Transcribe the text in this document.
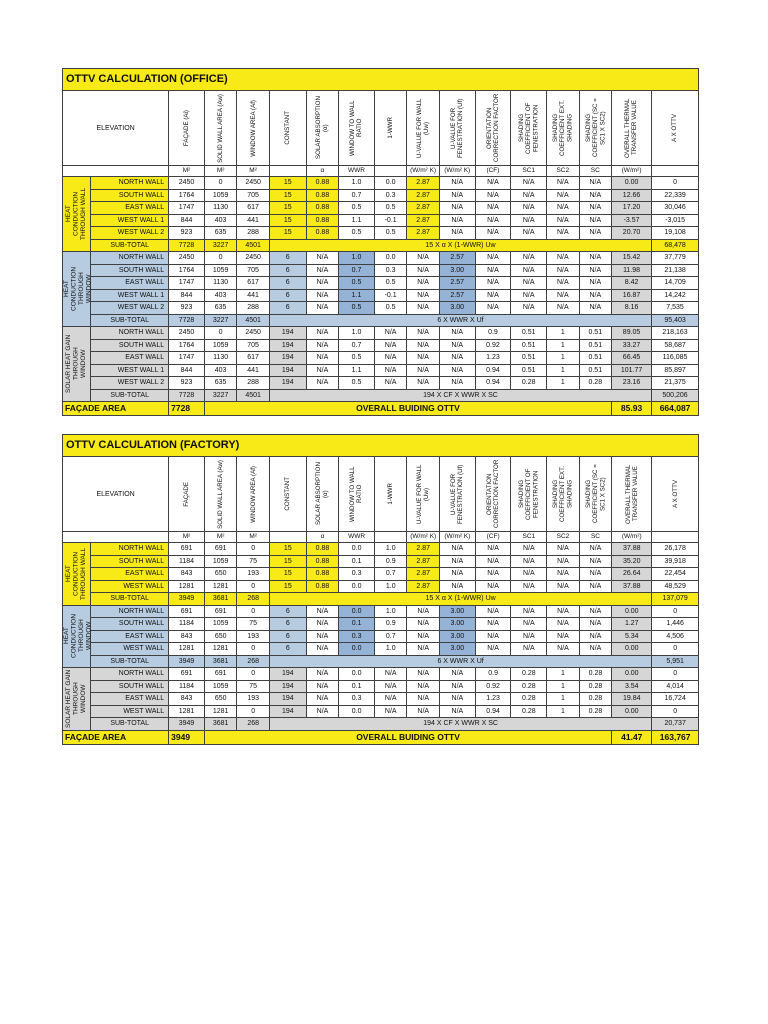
OTTV CALCULATION (OFFICE)																
ELEVATION		FAÇADE (Ai)	SOLID WALL AREA (Aw)	WINDOW AREA (Af)	CONSTANT	SOLAR ABSORPTION (α)	WINDOW TO WALL RATIO	1-WWR	U-VALUE FOR WALL (Uw)	U-VALUE FOR FENESTRATION (Uf)	ORIENTATION CORRECTION FACTOR	SHADING COEFFICIENT OF FENESTRATION	SHADING COEFFICIENT EXT. SHADING	SHADING COEFFICIENT (SC = SC1 X SC2)	OVERALL THERMAL TRANSFER VALUE	A X OTTV

		M²	M²	M²		α	WWR		(W/m² K)	(W/m² K)	(CF)	SC1	SC2	SC	(W/m²)	

HEAT CONDUCTION THROUGH WALL	NORTH WALL	2450	0	2450	15	0.88	1.0	0.0	2.87	N/A	N/A	N/A	N/A	N/A	0.00	0
	SOUTH WALL	1764	1059	705	15	0.88	0.7	0.3	2.87	N/A	N/A	N/A	N/A	N/A	12.66	22,339
	EAST WALL	1747	1130	617	15	0.88	0.5	0.5	2.87	N/A	N/A	N/A	N/A	N/A	17.20	30,046
	WEST WALL 1	844	403	441	15	0.88	1.1	-0.1	2.87	N/A	N/A	N/A	N/A	N/A	-3.57	-3,015
	WEST WALL 2	923	635	288	15	0.88	0.5	0.5	2.87	N/A	N/A	N/A	N/A	N/A	20.70	19,108
	SUB-TOTAL	7728	3227	4501	15 X α X (1-WWR) Uw											68,478

HEAT CONDUCTION THROUGH WINDOW	NORTH WALL	2450	0	2450	6	N/A	1.0	0.0	N/A	2.57	N/A	N/A	N/A	N/A	15.42	37,779
	SOUTH WALL	1764	1059	705	6	N/A	0.7	0.3	N/A	3.00	N/A	N/A	N/A	N/A	11.98	21,138
	EAST WALL	1747	1130	617	6	N/A	0.5	0.5	N/A	2.57	N/A	N/A	N/A	N/A	8.42	14,709
	WEST WALL 1	844	403	441	6	N/A	1.1	-0.1	N/A	2.57	N/A	N/A	N/A	N/A	16.87	14,242
	WEST WALL 2	923	635	288	6	N/A	0.5	0.5	N/A	3.00	N/A	N/A	N/A	N/A	8.16	7,535
	SUB-TOTAL	7728	3227	4501	6 X WWR X Uf											95,403

SOLAR HEAT GAIN THROUGH WINDOW	NORTH WALL	2450	0	2450	194	N/A	1.0	N/A	N/A	N/A	0.9	0.51	1	0.51	89.05	218,163
	SOUTH WALL	1764	1059	705	194	N/A	0.7	N/A	N/A	N/A	0.92	0.51	1	0.51	33.27	58,687
	EAST WALL	1747	1130	617	194	N/A	0.5	N/A	N/A	N/A	1.23	0.51	1	0.51	66.45	116,085
	WEST WALL 1	844	403	441	194	N/A	1.1	N/A	N/A	N/A	0.94	0.51	1	0.51	101.77	85,897
	WEST WALL 2	923	635	288	194	N/A	0.5	N/A	N/A	N/A	0.94	0.28	1	0.28	23.16	21,375
	SUB-TOTAL	7728	3227	4501	194 X CF X WWR X SC											500,206
FAÇADE AREA		7728	OVERALL BUIDING OTTV												85.93	664,087
OTTV CALCULATION (FACTORY)																
ELEVATION		FAÇADE	SOLID WALL AREA (Aw)	WINDOW AREA (Af)	CONSTANT	SOLAR ABSORPTION (α)	WINDOW TO WALL RATIO	1-WWR	U-VALUE FOR WALL (Uw)	U-VALUE FOR FENESTRATION (Uf)	ORIENTATION CORRECTION FACTOR	SHADING COEFFICIENT OF FENESTRATION	SHADING COEFFICIENT EXT. SHADING	SHADING COEFFICIENT (SC = SC1 X SC2)	OVERALL THERMAL TRANSFER VALUE	A X OTTV

		M²	M²	M²		α	WWR		(W/m² K)	(W/m² K)	(CF)	SC1	SC2	SC	(W/m²)	

HEAT CONDUCTION THROUGH WALL	NORTH WALL	691	691	0	15	0.88	0.0	1.0	2.87	N/A	N/A	N/A	N/A	N/A	37.88	26,178
	SOUTH WALL	1184	1059	75	15	0.88	0.1	0.9	2.87	N/A	N/A	N/A	N/A	N/A	35.20	39,918
	EAST WALL	843	650	193	15	0.88	0.3	0.7	2.87	N/A	N/A	N/A	N/A	N/A	26.64	22,454
	WEST WALL	1281	1281	0	15	0.88	0.0	1.0	2.87	N/A	N/A	N/A	N/A	N/A	37.88	48,529
	SUB-TOTAL	3949	3681	268	15 X α X (1-WWR) Uw											137,079

HEAT CONDUCTION THROUGH WINDOW	NORTH WALL	691	691	0	6	N/A	0.0	1.0	N/A	3.00	N/A	N/A	N/A	N/A	0.00	0
	SOUTH WALL	1184	1059	75	6	N/A	0.1	0.9	N/A	3.00	N/A	N/A	N/A	N/A	1.27	1,446
	EAST WALL	843	650	193	6	N/A	0.3	0.7	N/A	3.00	N/A	N/A	N/A	N/A	5.34	4,506
	WEST WALL	1281	1281	0	6	N/A	0.0	1.0	N/A	3.00	N/A	N/A	N/A	N/A	0.00	0
	SUB-TOTAL	3949	3681	268	6 X WWR X Uf											5,951

SOLAR HEAT GAIN THROUGH WINDOW	NORTH WALL	691	691	0	194	N/A	0.0	N/A	N/A	N/A	0.9	0.28	1	0.28	0.00	0
	SOUTH WALL	1184	1059	75	194	N/A	0.1	N/A	N/A	N/A	0.92	0.28	1	0.28	3.54	4,014
	EAST WALL	843	650	193	194	N/A	0.3	N/A	N/A	N/A	1.23	0.28	1	0.28	19.84	16,724
	WEST WALL	1281	1281	0	194	N/A	0.0	N/A	N/A	N/A	0.94	0.28	1	0.28	0.00	0
	SUB-TOTAL	3949	3681	268	194 X CF X WWR X SC											20,737
FAÇADE AREA		3949	OVERALL BUIDING OTTV												41.47	163,767
